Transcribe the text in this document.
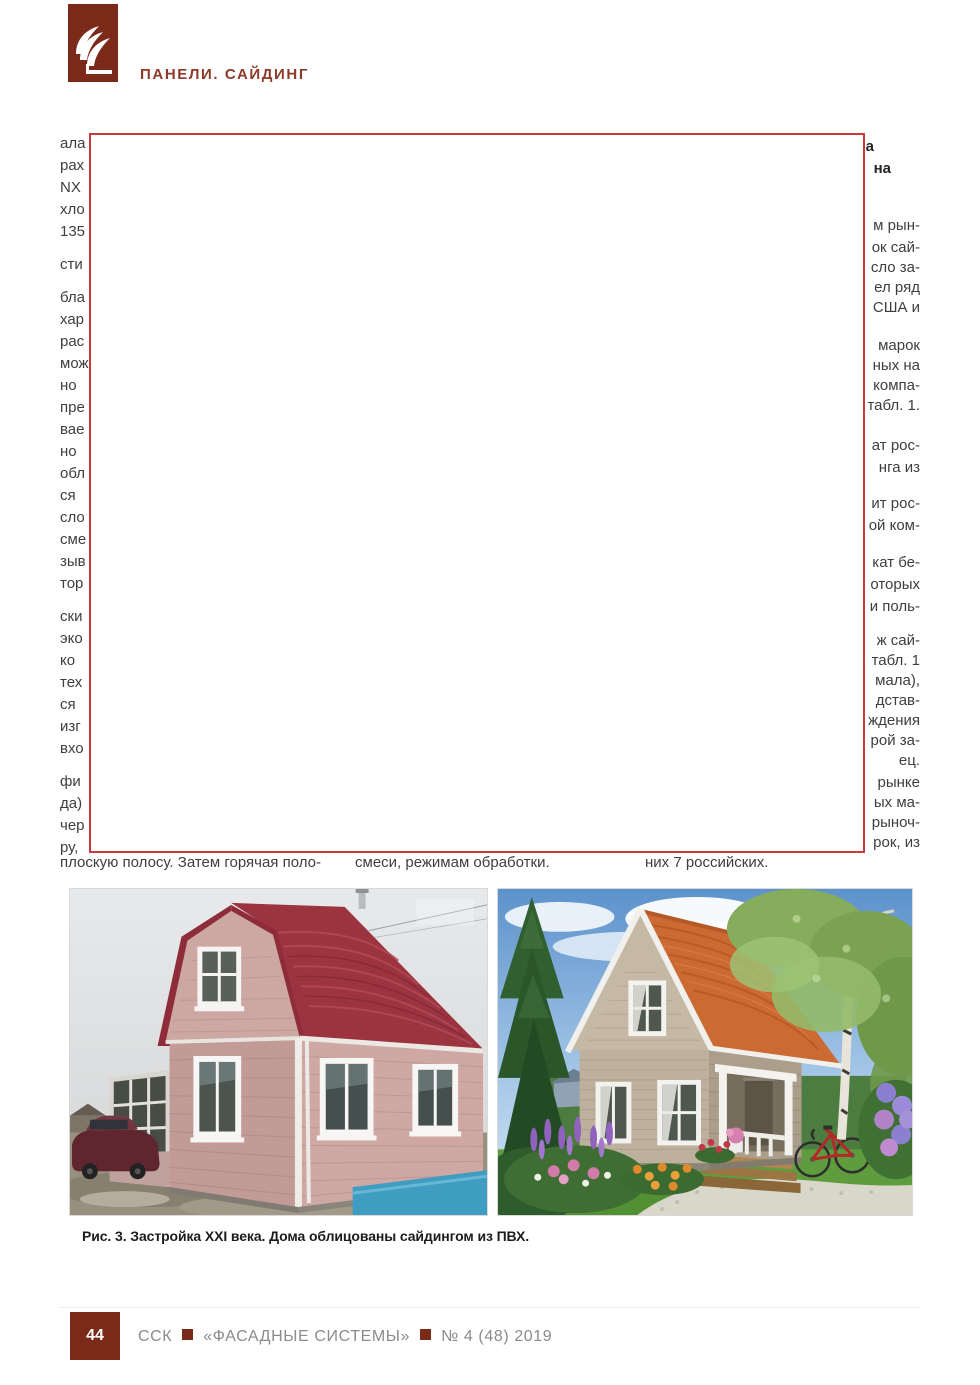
ПАНЕЛИ. САЙДИНГ
ала
рах
NX
хло
135
сти
бла
хар
рас
мож
но
пре
вае
но
обл
ся
сло
сме
зыв
тор
ски
эко
ко
тех
ся
изг
вхо
фи
да)
чер
ру,
а
на
м рын-
ок сай-
сло за-
ел ряд
США и
марок
ных на
компа-
табл. 1.
ат рос-
нга из
ит рос-
ой ком-
кат бе-
оторых
и поль-
ж сай-
табл. 1
мала),
дстав-
ждения
рой за-
ец.
рынке
ых ма-
рыноч-
рок, из
плоскую полосу. Затем горячая поло- смеси, режимам обработки.	них 7 российских.
Рис. 3. Застройка XXI века. Дома облицованы сайдингом из ПВХ.
44 ССК «ФАСАДНЫЕ СИСТЕМЫ» № 4 (48) 2019
